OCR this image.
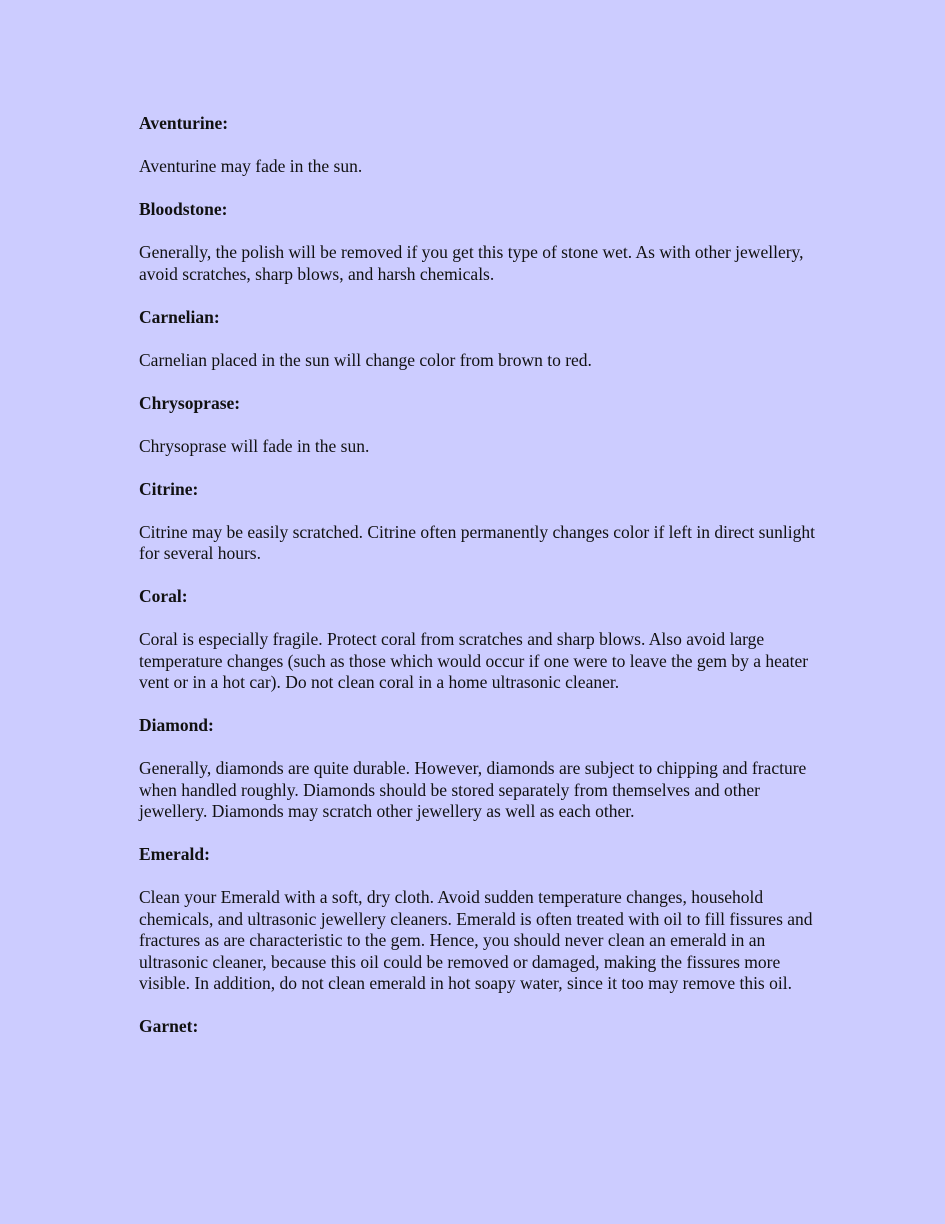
Aventurine:

Aventurine may fade in the sun.

Bloodstone:

Generally, the polish will be removed if you get this type of stone wet. As with other jewellery, avoid scratches, sharp blows, and harsh chemicals.

Carnelian:

Carnelian placed in the sun will change color from brown to red.

Chrysoprase:

Chrysoprase will fade in the sun.

Citrine:

Citrine may be easily scratched. Citrine often permanently changes color if left in direct sunlight for several hours.

Coral:

Coral is especially fragile. Protect coral from scratches and sharp blows. Also avoid large temperature changes (such as those which would occur if one were to leave the gem by a heater vent or in a hot car). Do not clean coral in a home ultrasonic cleaner.

Diamond:

Generally, diamonds are quite durable. However, diamonds are subject to chipping and fracture when handled roughly. Diamonds should be stored separately from themselves and other jewellery. Diamonds may scratch other jewellery as well as each other.

Emerald:

Clean your Emerald with a soft, dry cloth. Avoid sudden temperature changes, household chemicals, and ultrasonic jewellery cleaners. Emerald is often treated with oil to fill fissures and fractures as are characteristic to the gem. Hence, you should never clean an emerald in an ultrasonic cleaner, because this oil could be removed or damaged, making the fissures more visible. In addition, do not clean emerald in hot soapy water, since it too may remove this oil.

Garnet:
